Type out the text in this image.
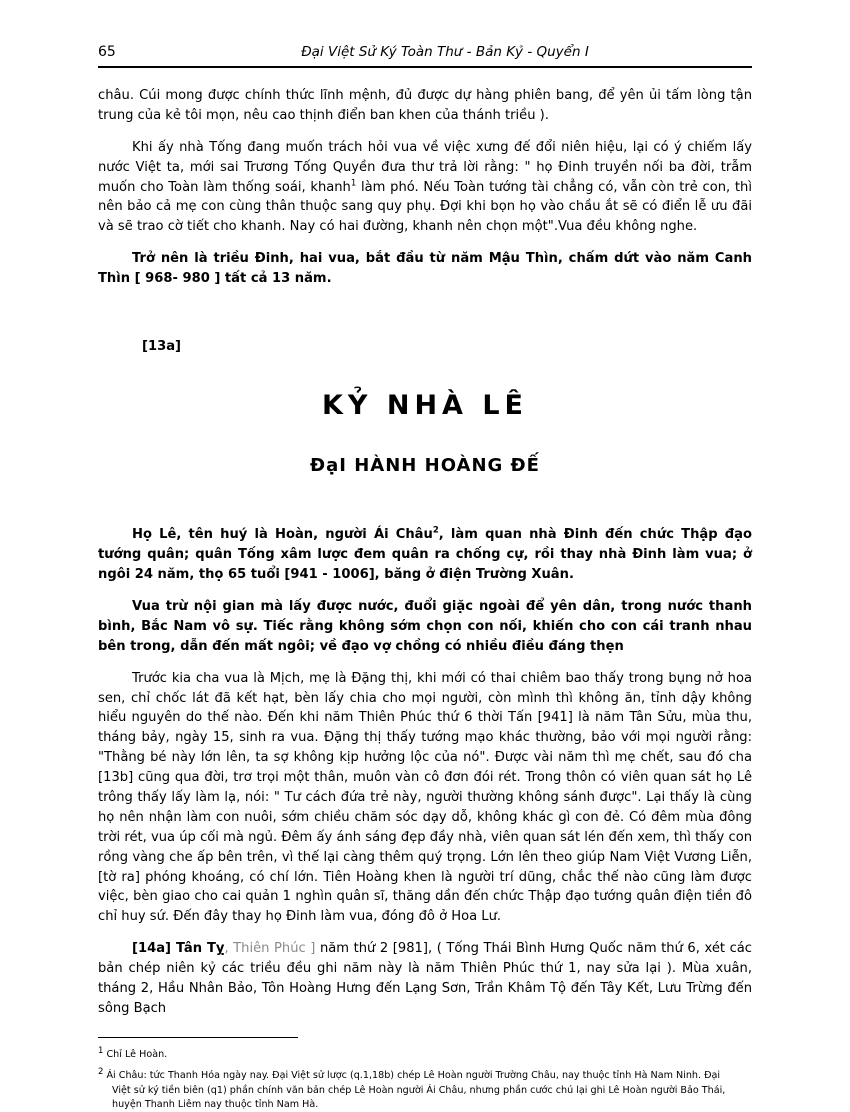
65	Đại Việt Sử Ký Toàn Thư - Bản Kỷ - Quyển I

châu. Cúi mong được chính thức lĩnh mệnh, đủ được dự hàng phiên bang, để yên ủi tấm lòng tận trung của kẻ tôi mọn, nêu cao thịnh điển ban khen của thánh triều ).

Khi ấy nhà Tống đang muốn trách hỏi vua về việc xưng đế đổi niên hiệu, lại có ý chiếm lấy nước Việt ta, mới sai Trương Tống Quyền đưa thư trả lời rằng: " họ Đinh truyền nối ba đời, trẫm muốn cho Toàn làm thống soái, khanh$^1$ làm phó. Nếu Toàn tướng tài chẳng có, vẫn còn trẻ con, thì nên bảo cả mẹ con cùng thân thuộc sang quy phụ. Đợi khi bọn họ vào chầu ắt sẽ có điển lễ ưu đãi và sẽ trao cờ tiết cho khanh. Nay có hai đường, khanh nên chọn một".Vua đều không nghe.

Trở nên là triều Đinh, hai vua, bắt đầu từ năm Mậu Thìn, chấm dứt vào năm Canh Thìn [ 968- 980 ] tất cả 13 năm.

[13a]

KỶ NHÀ LÊ

ĐạI HÀNH HOÀNG ĐẾ

Họ Lê, tên huý là Hoàn, người Ái Châu$^2$, làm quan nhà Đinh đến chức Thập đạo tướng quân; quân Tống xâm lược đem quân ra chống cự, rồi thay nhà Đinh làm vua; ở ngôi 24 năm, thọ 65 tuổi [941 - 1006], băng ở điện Trường Xuân.

Vua trừ nội gian mà lấy được nước, đuổi giặc ngoài để yên dân, trong nước thanh bình, Bắc Nam vô sự. Tiếc rằng không sớm chọn con nối, khiến cho con cái tranh nhau bên trong, dẫn đến mất ngôi; về đạo vợ chồng có nhiều điều đáng thẹn

Trước kia cha vua là Mịch, mẹ là Đặng thị, khi mới có thai chiêm bao thấy trong bụng nở hoa sen, chỉ chốc lát đã kết hạt, bèn lấy chia cho mọi người, còn mình thì không ăn, tỉnh dậy không hiểu nguyên do thế nào. Đến khi năm Thiên Phúc thứ 6 thời Tấn [941] là năm Tân Sửu, mùa thu, tháng bảy, ngày 15, sinh ra vua. Đặng thị thấy tướng mạo khác thường, bảo với mọi người rằng: "Thằng bé này lớn lên, ta sợ không kịp hưởng lộc của nó". Được vài năm thì mẹ chết, sau đó cha [13b] cũng qua đời, trơ trọi một thân, muôn vàn cô đơn đói rét. Trong thôn có viên quan sát họ Lê trông thấy lấy làm lạ, nói: " Tư cách đứa trẻ này, người thường không sánh được". Lại thấy là cùng họ nên nhận làm con nuôi, sớm chiều chăm sóc dạy dỗ, không khác gì con đẻ. Có đêm mùa đông trời rét, vua úp cối mà ngủ. Đêm ấy ánh sáng đẹp đầy nhà, viên quan sát lén đến xem, thì thấy con rồng vàng che ấp bên trên, vì thế lại càng thêm quý trọng. Lớn lên theo giúp Nam Việt Vương Liễn, [tờ ra] phóng khoáng, có chí lớn. Tiên Hoàng khen là người trí dũng, chắc thế nào cũng làm được việc, bèn giao cho cai quản 1 nghìn quân sĩ, thăng dần đến chức Thập đạo tướng quân điện tiền đô chỉ huy sứ. Đến đây thay họ Đinh làm vua, đóng đô ở Hoa Lư.

[14a] Tân Tỵ, Thiên Phúc ] năm thứ 2 [981], ( Tống Thái Bình Hưng Quốc năm thứ 6, xét các bản chép niên kỷ các triều đều ghi năm này là năm Thiên Phúc thứ 1, nay sửa lại ). Mùa xuân, tháng 2, Hầu Nhân Bảo, Tôn Hoàng Hưng đến Lạng Sơn, Trần Khâm Tộ đến Tây Kết, Lưu Trừng đến sông Bạch

$^1$ Chỉ Lê Hoàn.

$^2$ Ái Châu: tức Thanh Hóa ngày nay. Đại Việt sử lược (q.1,18b) chép Lê Hoàn người Trường Châu, nay thuộc tỉnh Hà Nam Ninh. Đại
Việt sử ký tiền biên (q1) phần chính văn bản chép Lê Hoàn người Ái Châu, nhưng phần cước chú lại ghi Lê Hoàn người Bảo Thái,
huyện Thanh Liêm nay thuộc tỉnh Nam Hà.
